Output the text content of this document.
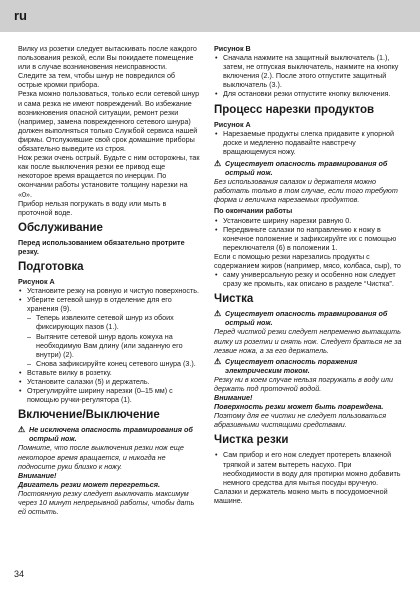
ru

Вилку из розетки следует вытаскивать после каждого пользования резкой, если Вы покидаете помещение или в случае возникновения неисправности.

Следите за тем, чтобы шнур не повредился об острые кромки прибора.

Резка можно пользоваться, только если сетевой шнур и сама резка не имеют повреждений. Во избежание возникновения опасной ситуации, ремонт резки (например, замена поврежденного сетевого шнура) должен выполняться только Службой сервиса нашей фирмы. Отслужившие свой срок домашние приборы обязательно выведите из строя.

Нож резки очень острый. Будьте с ним осторожны, так как после выключения резки ее привод еще некоторое время вращается по инерции. По окончании работы установите толщину нарезки на «0».

Прибор нельзя погружать в воду или мыть в проточной воде.

Обслуживание

Перед использованием обязательно протрите резку.

Подготовка
Рисунок А
• Установите резку на ровную и чистую поверхность.
• Уберите сетевой шнур в отделение для его хранения (9).
– Теперь извлеките сетевой шнур из обоих фиксирующих пазов (1.).
– Вытяните сетевой шнур вдоль кожуха на необходимую Вам длину (или заданную его внутри) (2).
– Снова зафиксируйте конец сетевого шнура (3.).
• Вставьте вилку в розетку.
• Установите салазки (5) и держатель.
• Отрегулируйте ширину нарезки (0–15 мм) с помощью ручки-регулятора (1).
Включение/Выключение

⚠ Не исключена опасность травмирования об острый нож.

Помните, что после выключения резки нож еще некоторое время вращается, и никогда не подносите руки близко к ножу.

Внимание!

Двигатель резки может перегреться.

Постоянную резку следует выключать максимум через 10 минут непрерывной работы, чтобы дать ей остыть.

Рисунок В
• Сначала нажмите на защитный выключатель (1.), затем, не отпуская выключатель, нажмите на кнопку включения (2.). После этого отпустите защитный выключатель (3.).
• Для остановки резки отпустите кнопку включения.
Процесс нарезки продуктов
Рисунок А
• Нарезаемые продукты слегка придавите к упорной доске и медленно подавайте навстречу вращающемуся ножу.

⚠ Существует опасность травмирования об острый нож.

Без использования салазок и держателя можно работать только в том случае, если того требуют форма и величина нарезаемых продуктов.

По окончании работы
• Установите ширину нарезки равную 0.
• Передвиньте салазки по направлению к ножу в конечное положение и зафиксируйте их с помощью переключателя (6) в положении 1.

Если с помощью резки нарезались продукты с содержанием жиров (например, мясо, колбаса, сыр), то

• саму универсальную резку и особенно нож следует сразу же промыть, как описано в разделе “Чистка”.
Чистка

⚠ Существует опасность травмирования об острый нож.

Перед чисткой резки следует непременно вытащить вилку из розетки и снять нож. Следует браться не за лезвие ножа, а за его держатель.

⚠ Существует опасность поражения электрическим током.

Резку ни в коем случае нельзя погружать в воду или держать под проточной водой.

Внимание!

Поверхность резки может быть повреждена.

Поэтому для ее чистки не следует пользоваться абразивными чистящими средствами.

Чистка резки
• Сам прибор и его нож следует протереть влажной тряпкой и затем вытереть насухо. При необходимости в воду для протирки можно добавить немного средства для мытья посуды вручную.

Салазки и держатель можно мыть в посудомоечной машине.

34
